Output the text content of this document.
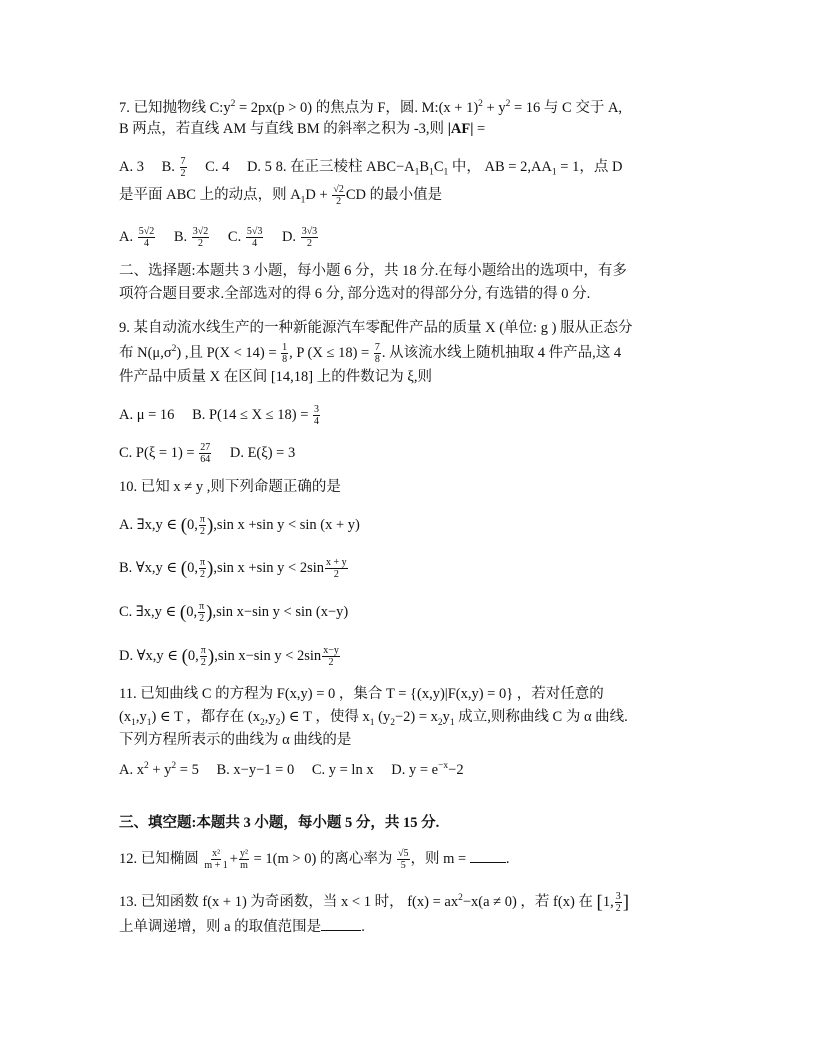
7. 已知抛物线 $C:y^2 = 2px(p > 0)$ 的焦点为 F，圆. M:(x + $1)^2 + y^2 = 16$ 与 C 交于 A,
B 两点，若直线 AM 与直线 BM 的斜率之积为 -3,则 |AF| =
A. 3 B. $\frac{7}{2} C$. 4 D. 5 8. 在正三棱柱 $ABC-A_1B_1C_1$ 中， AB = $2,AA_1 = 1$，点 D
是平面 ABC 上的动点，则 $A_1D + \frac{√2}{2}$ CD 的最小值是
A. $\frac{5√2}{4} B$. $\frac{3√2}{2} C$. $\frac{5√3}{4} D$. $\frac{3√3}{2}$
二、选择题:本题共 3 小题，每小题 6 分，共 18 分.在每小题给出的选项中，有多
项符合题目要求.全部选对的得 6 分, 部分选对的得部分分, 有选错的得 0 分.
9. 某自动流水线生产的一种新能源汽车零配件产品的质量 X (单位: g ) 服从正态分
布 $N(\mu,\sigma^2)$ ,且 $P(X < 14) = \frac{1}{8}$ , P $(X \le 18) = \frac{7}{8}$ . 从该流水线上随机抽取 4 件产品,这 4
件产品中质量 X 在区间 [14,18] 上的件数记为 ξ,则
A. μ = 16 B. $P(14 \le X \le 18) = \frac{3}{4}$
C. $P(\xi = 1) = \frac{27}{64} D$. E(ξ) = 3
10. 已知 x ≠ y ,则下列命题正确的是
A. ∃x,y ∈ (0, $\frac{\pi}{2} ),\sin$ x +sin y < sin (x + y)
B. ∀x,y ∈ (0, $\frac{\pi}{2} ),\sin$ x +sin $y < 2\sin \frac{x + y}{2}$
C. ∃x,y ∈ (0, $\frac{\pi}{2} ),\sin$ x−sin y < sin (x−y)
D. ∀x,y ∈ (0, $\frac{\pi}{2} ),\sin$ x−sin $y < 2\sin \frac{x-y}{2}$
11. 已知曲线 C 的方程为 F(x,y) = 0 ，集合 T = {(x,y)|F(x,y) = 0} ，若对任意的
$(x_1,y_1)$ ∈ T ，都存在 $(x_2,y_2)$ ∈ T ，使得 $x_1$ $(y_2-2) = x_2y_1$ 成立,则称曲线 C 为 α 曲线.
下列方程所表示的曲线为 α 曲线的是
A. $x^2 + y^2 = 5$ B. x−y−1 = 0 C. y = ln x D. $y = e^{-x}-2$
三、填空题:本题共 3 小题，每小题 5 分，共 15 分.
12. 已知椭圆 $\frac{\text{x²}}{m + 1} + \frac{\text{y²}}{m} = 1(m > 0)$ 的离心率为 $\frac{√5}{5}$ ，则 m = .
13. 已知函数 f(x + 1) 为奇函数，当 x < 1 时， $f(x) = ax^2-x(a \ne 0)$ ，若 f(x) 在 [1, $\frac{3}{2}$ ]
上单调递增，则 a 的取值范围是	.
